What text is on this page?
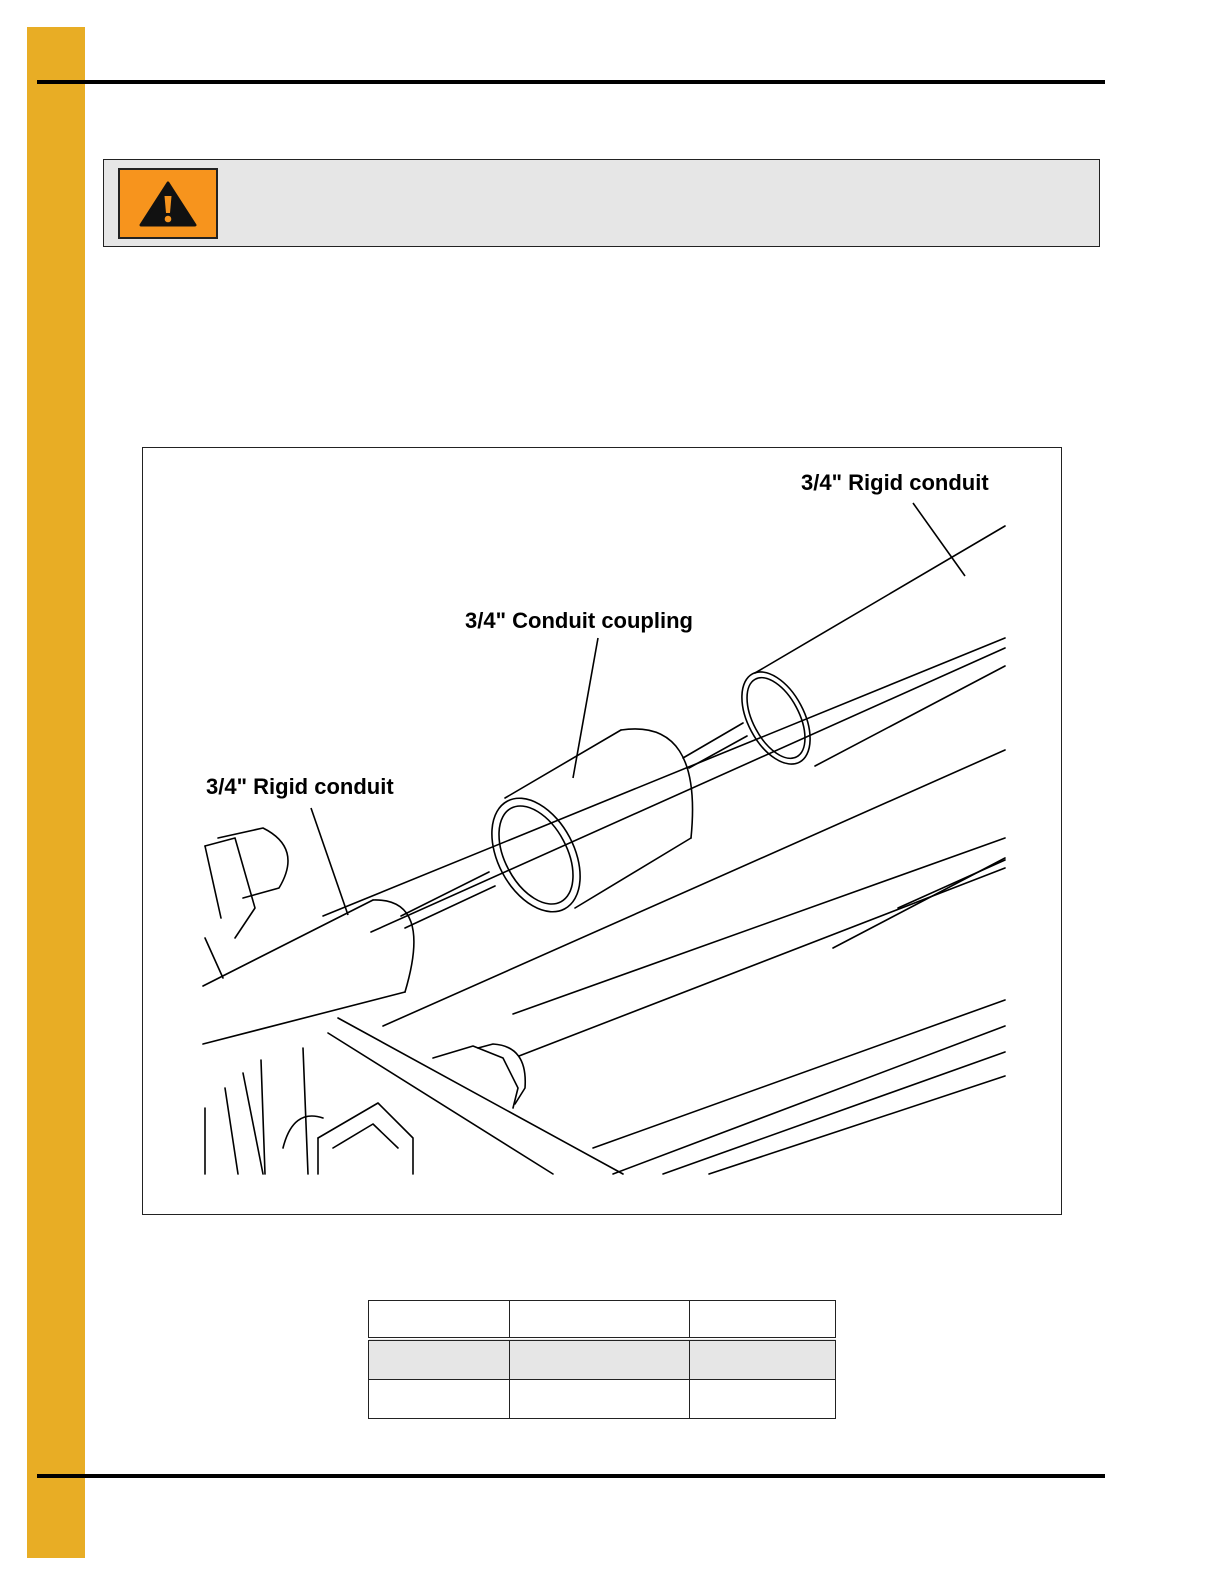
3/4" Rigid conduit
3/4" Conduit coupling
3/4" Rigid conduit
